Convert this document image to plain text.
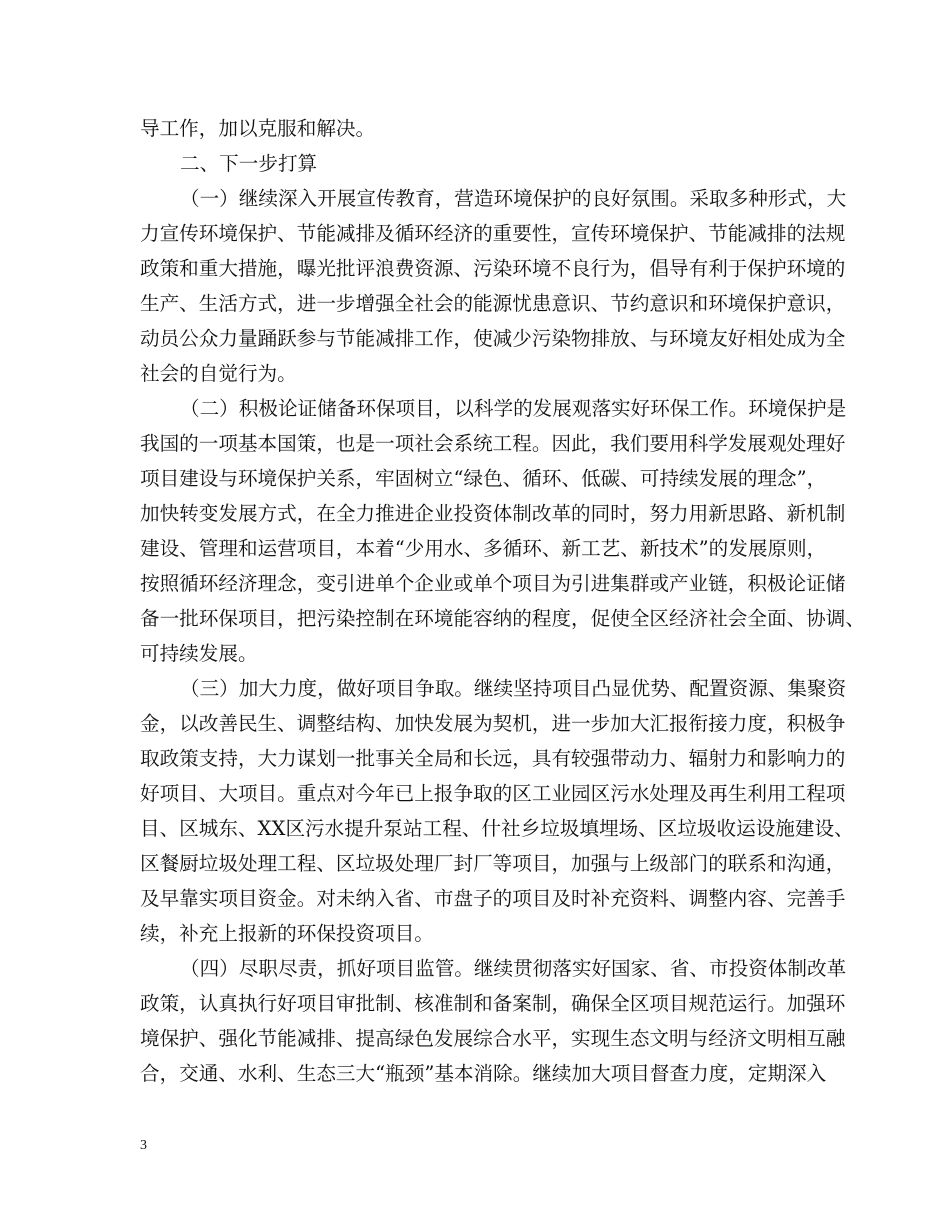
导工作，加以克服和解决。
二、下一步打算
（一）继续深入开展宣传教育，营造环境保护的良好氛围。采取多种形式，大
力宣传环境保护、节能减排及循环经济的重要性，宣传环境保护、节能减排的法规
政策和重大措施，曝光批评浪费资源、污染环境不良行为，倡导有利于保护环境的
生产、生活方式，进一步增强全社会的能源忧患意识、节约意识和环境保护意识，
动员公众力量踊跃参与节能减排工作，使减少污染物排放、与环境友好相处成为全
社会的自觉行为。
（二）积极论证储备环保项目，以科学的发展观落实好环保工作。环境保护是
我国的一项基本国策，也是一项社会系统工程。因此，我们要用科学发展观处理好
项目建设与环境保护关系，牢固树立“绿色、循环、低碳、可持续发展的理念”，
加快转变发展方式，在全力推进企业投资体制改革的同时，努力用新思路、新机制
建设、管理和运营项目，本着“少用水、多循环、新工艺、新技术”的发展原则，
按照循环经济理念，变引进单个企业或单个项目为引进集群或产业链，积极论证储
备一批环保项目，把污染控制在环境能容纳的程度，促使全区经济社会全面、协调、
可持续发展。
（三）加大力度，做好项目争取。继续坚持项目凸显优势、配置资源、集聚资
金，以改善民生、调整结构、加快发展为契机，进一步加大汇报衔接力度，积极争
取政策支持，大力谋划一批事关全局和长远，具有较强带动力、辐射力和影响力的
好项目、大项目。重点对今年已上报争取的区工业园区污水处理及再生利用工程项
目、区城东、XX区污水提升泵站工程、什社乡垃圾填埋场、区垃圾收运设施建设、
区餐厨垃圾处理工程、区垃圾处理厂封厂等项目，加强与上级部门的联系和沟通，
及早靠实项目资金。对未纳入省、市盘子的项目及时补充资料、调整内容、完善手
续，补充上报新的环保投资项目。
（四）尽职尽责，抓好项目监管。继续贯彻落实好国家、省、市投资体制改革
政策，认真执行好项目审批制、核准制和备案制，确保全区项目规范运行。加强环
境保护、强化节能减排、提高绿色发展综合水平，实现生态文明与经济文明相互融
合，交通、水利、生态三大“瓶颈”基本消除。继续加大项目督查力度，定期深入
3
